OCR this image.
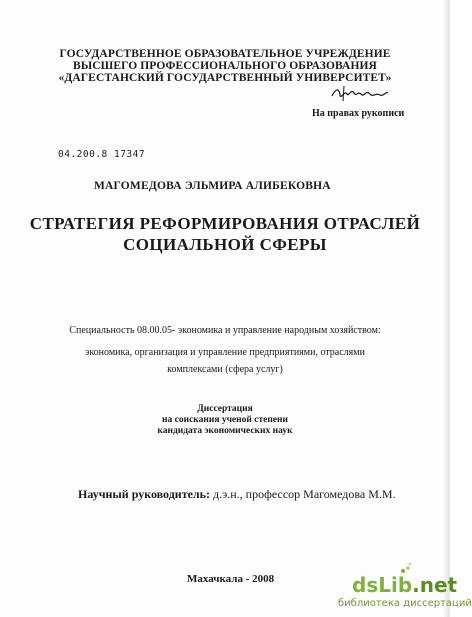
ГОСУДАРСТВЕННОЕ ОБРАЗОВАТЕЛЬНОЕ УЧРЕЖДЕНИЕ
ВЫСШЕГО ПРОФЕССИОНАЛЬНОГО ОБРАЗОВАНИЯ
«ДАГЕСТАНСКИЙ ГОСУДАРСТВЕННЫЙ УНИВЕРСИТЕТ»
На правах рукописи
04.200.8 17347
МАГОМЕДОВА ЭЛЬМИРА АЛИБЕКОВНА
СТРАТЕГИЯ РЕФОРМИРОВАНИЯ ОТРАСЛЕЙ
СОЦИАЛЬНОЙ СФЕРЫ
Специальность 08.00.05- экономика и управление народным хозяйством:
экономика, организация и управление предприятиями, отраслями
комплексами (сфера услуг)
Диссертация
на соискания ученой степени
кандидата экономических наук
Научный руководитель: д.э.н., профессор Магомедова М.М.
Махачкала - 2008	dsLib.net
библиотека диссертаций
